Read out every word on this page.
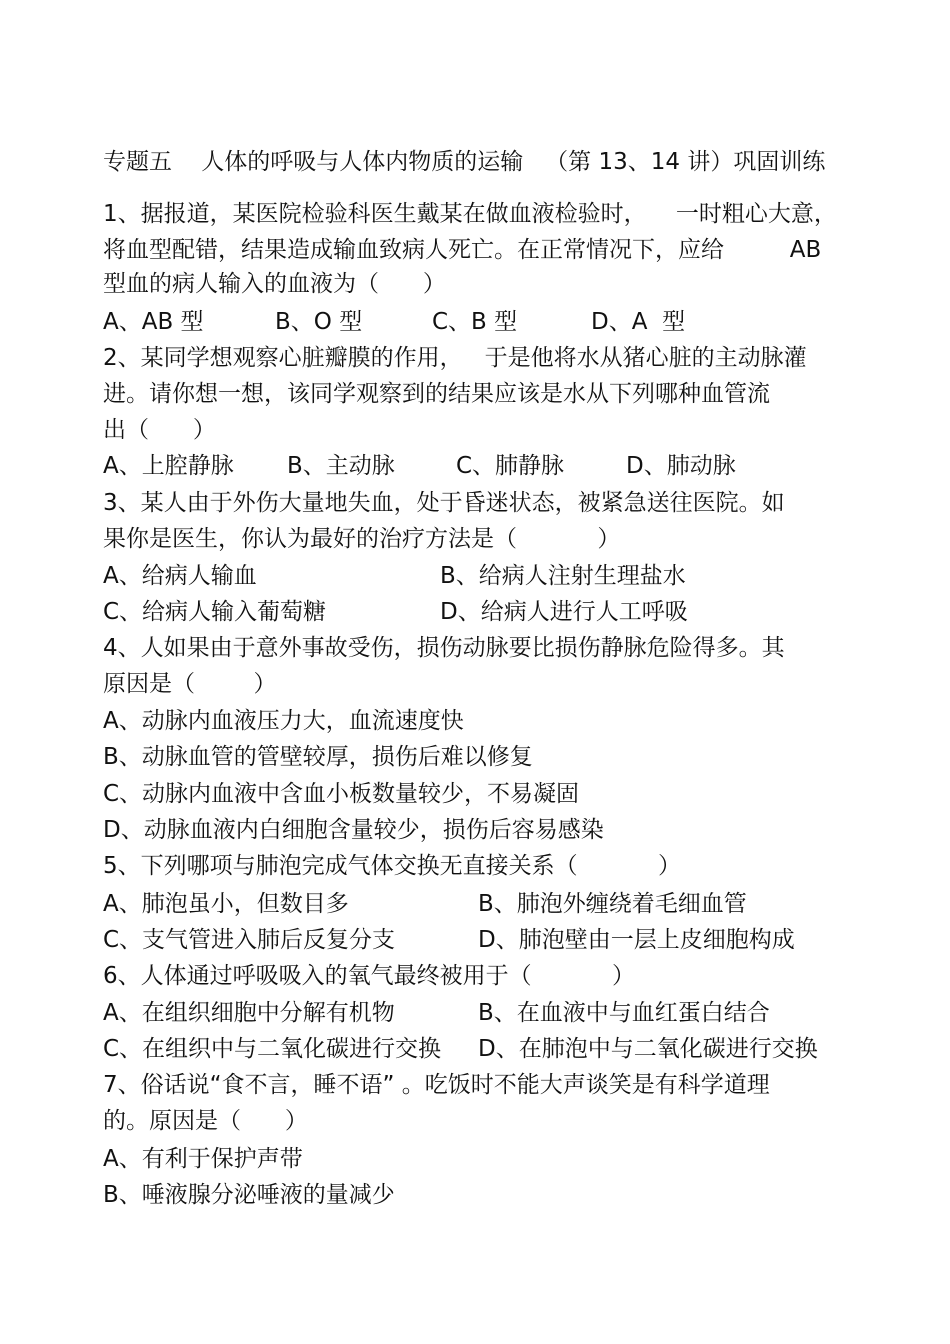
专题五    人体的呼吸与人体内物质的运输   （第 13、14 讲）巩固训练
1、据报道，某医院检验科医生戴某在做血液检验时，    一时粗心大意，
将血型配错，结果造成输血致病人死亡。在正常情况下，应给         AB
型血的病人输入的血液为（      ）
A、AB 型	B、O 型	C、B 型	D、A  型
2、某同学想观察心脏瓣膜的作用，   于是他将水从猪心脏的主动脉灌
进。请你想一想，该同学观察到的结果应该是水从下列哪种血管流
出（      ）
A、上腔静脉 B、主动脉	C、肺静脉	D、肺动脉
3、某人由于外伤大量地失血，处于昏迷状态，被紧急送往医院。如
果你是医生，你认为最好的治疗方法是（           ）
A、给病人输血	B、给病人注射生理盐水
C、给病人输入葡萄糖	D、给病人进行人工呼吸
4、人如果由于意外事故受伤，损伤动脉要比损伤静脉危险得多。其
原因是（        ）
A、动脉内血液压力大，血流速度快
B、动脉血管的管壁较厚，损伤后难以修复
C、动脉内血液中含血小板数量较少，不易凝固
D、动脉血液内白细胞含量较少，损伤后容易感染
5、下列哪项与肺泡完成气体交换无直接关系（           ）
A、肺泡虽小，但数目多	B、肺泡外缠绕着毛细血管
C、支气管进入肺后反复分支	D、肺泡壁由一层上皮细胞构成
6、人体通过呼吸吸入的氧气最终被用于（           ）
A、在组织细胞中分解有机物	B、在血液中与血红蛋白结合
C、在组织中与二氧化碳进行交换 D、在肺泡中与二氧化碳进行交换
7、俗话说“食不言，睡不语” 。吃饭时不能大声谈笑是有科学道理
的。原因是（      ）
A、有利于保护声带
B、唾液腺分泌唾液的量减少
